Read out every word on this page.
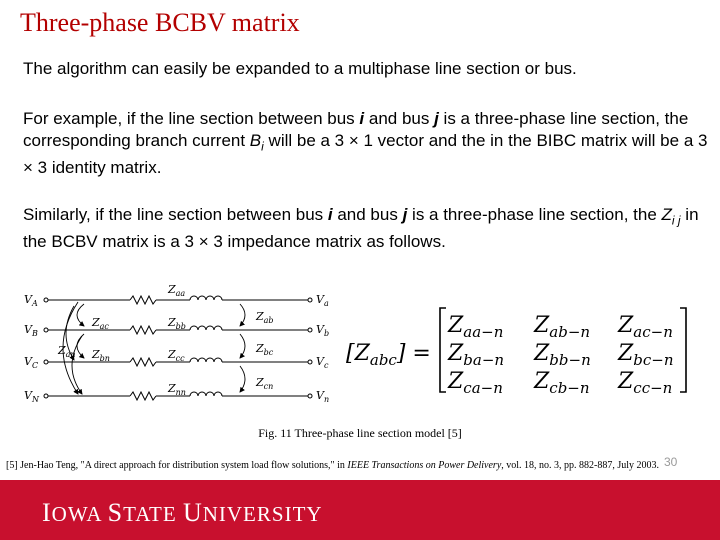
Three-phase BCBV matrix
The algorithm can easily be expanded to a multiphase line section or bus.
For example, if the line section between bus i and bus j is a three-phase line section, the corresponding branch current $B_i$ will be a 3 × 1 vector and the in the BIBC matrix will be a 3 × 3 identity matrix.
Similarly, if the line section between bus i and bus j is a three-phase line section, the $Z_{i j}$ in the BCBV matrix is a 3 × 3 impedance matrix as follows.
$V_A$
$V_B$
$V_C$
$V_N$
$V_a$
$V_b$
$V_c$
$V_n$
$Z_{aa}$
$Z_{bb}$
$Z_{cc}$
$Z_{nn}$
$Z_{ab}$
$Z_{bc}$
$Z_{cn}$
$Z_{ac}$
$Z_{bn}$
$Z_{an}$	$[Z_{abc}]$ =
$Z_{aa-n}$ $Z_{ab-n}$ $Z_{ac-n}$
$Z_{ba-n}$ $Z_{bb-n}$ $Z_{bc-n}$
$Z_{ca-n}$ $Z_{cb-n}$ $Z_{cc-n}$
Fig. 11 Three-phase line section model [5]
[5] Jen-Hao Teng, "A direct approach for distribution system load flow solutions," in IEEE Transactions on Power Delivery, vol. 18, no. 3, pp. 882-887, July 2003. 30
IOWA STATE UNIVERSITY
